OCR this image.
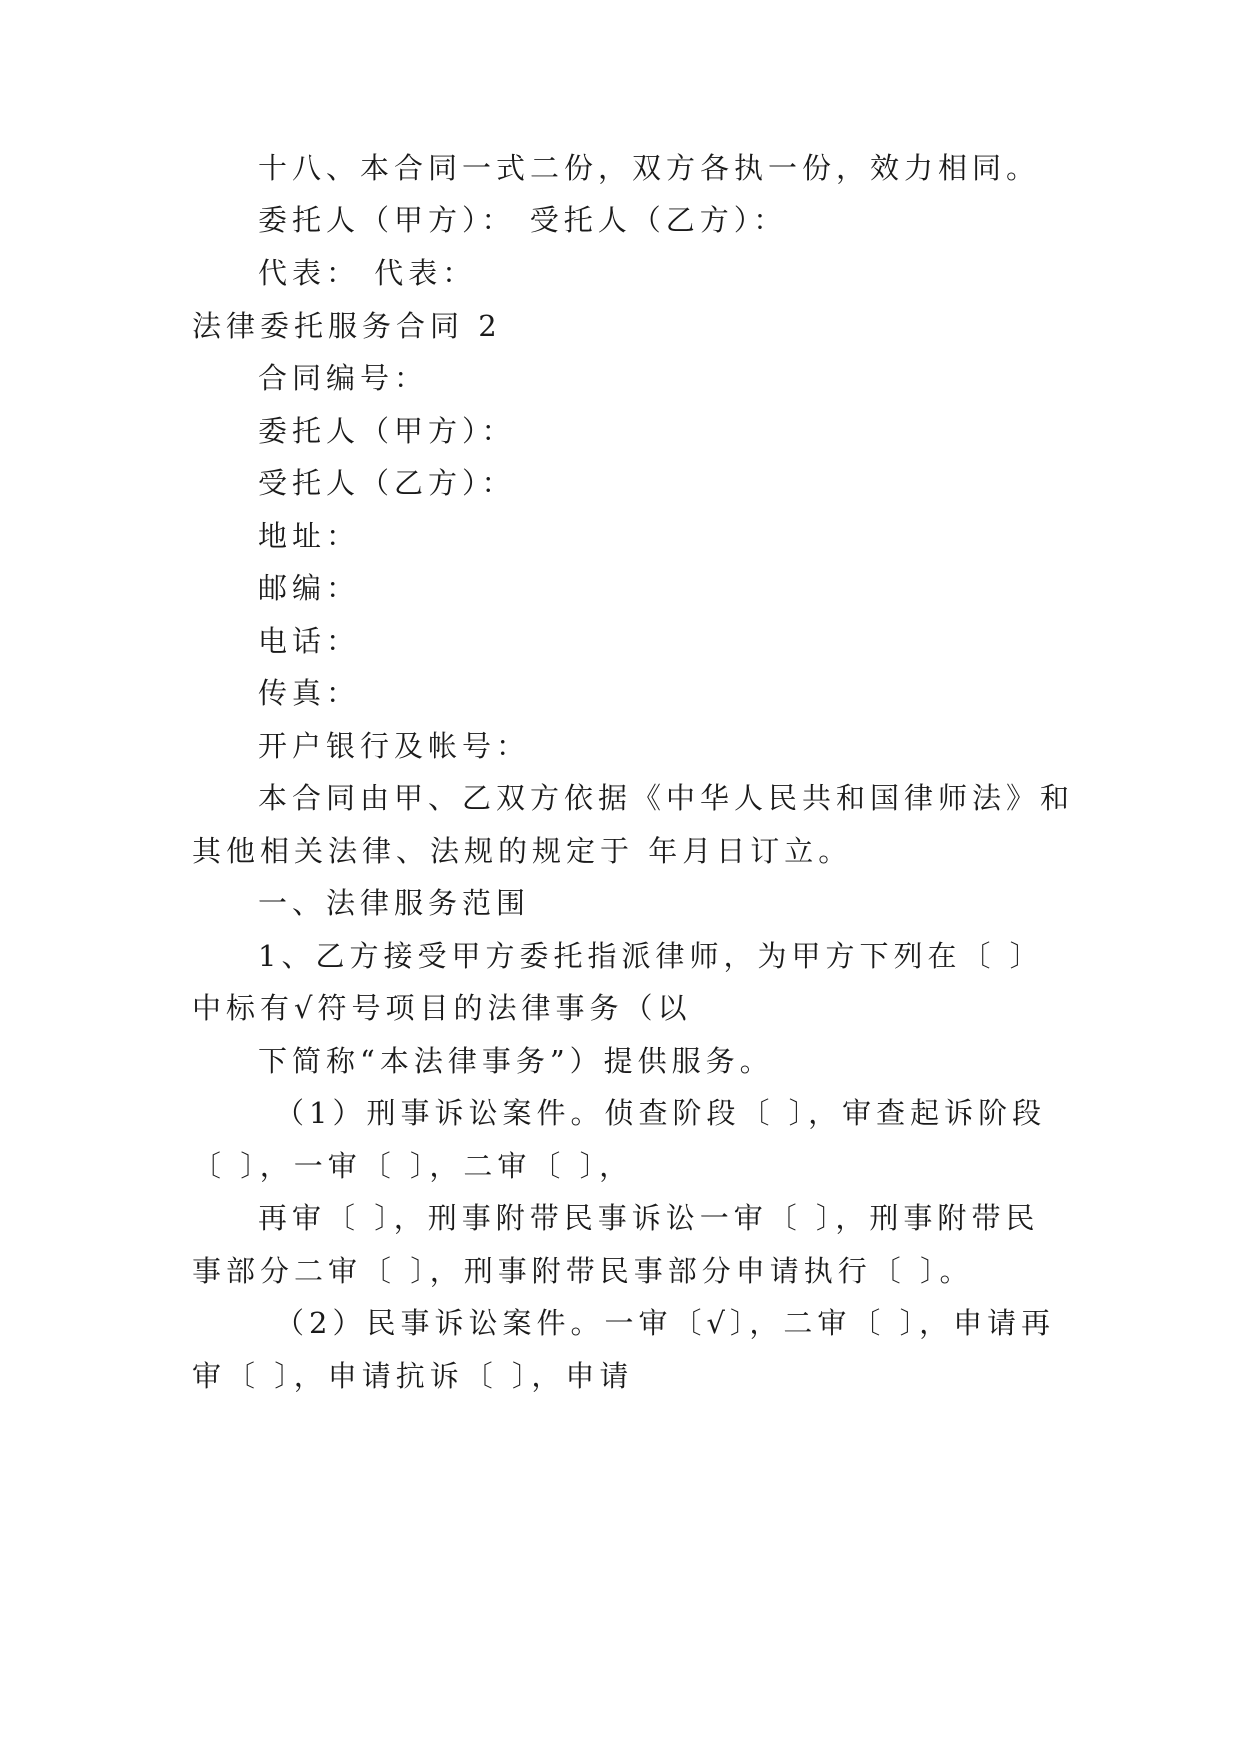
十八、本合同一式二份，双方各执一份，效力相同。
委托人（甲方）： 受托人（乙方）：
代表： 代表：
法律委托服务合同 2
合同编号：
委托人（甲方）：
受托人（乙方）：
地址：
邮编：
电话：
传真：
开户银行及帐号：
本合同由甲、乙双方依据《中华人民共和国律师法》和
其他相关法律、法规的规定于 年月日订立。
一、法律服务范围
1、乙方接受甲方委托指派律师，为甲方下列在〔 〕
中标有√符号项目的法律事务（以
下简称“本法律事务”）提供服务。
（1）刑事诉讼案件。侦查阶段〔 〕，审查起诉阶段
〔 〕，一审〔 〕，二审〔 〕，
再审〔 〕，刑事附带民事诉讼一审〔 〕，刑事附带民
事部分二审〔 〕，刑事附带民事部分申请执行〔 〕。
（2）民事诉讼案件。一审〔√〕，二审〔 〕，申请再
审〔 〕，申请抗诉〔 〕，申请
